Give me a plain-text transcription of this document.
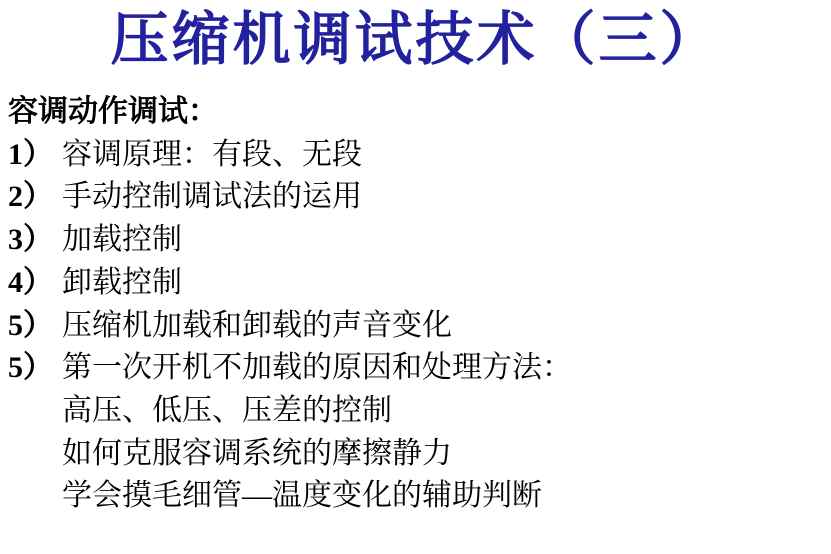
压缩机调试技术（三）
容调动作调试：
1） 容调原理：有段、无段
2） 手动控制调试法的运用
3） 加载控制
4） 卸载控制
5） 压缩机加载和卸载的声音变化
5） 第一次开机不加载的原因和处理方法：
高压、低压、压差的控制
如何克服容调系统的摩擦静力
学会摸毛细管—温度变化的辅助判断
